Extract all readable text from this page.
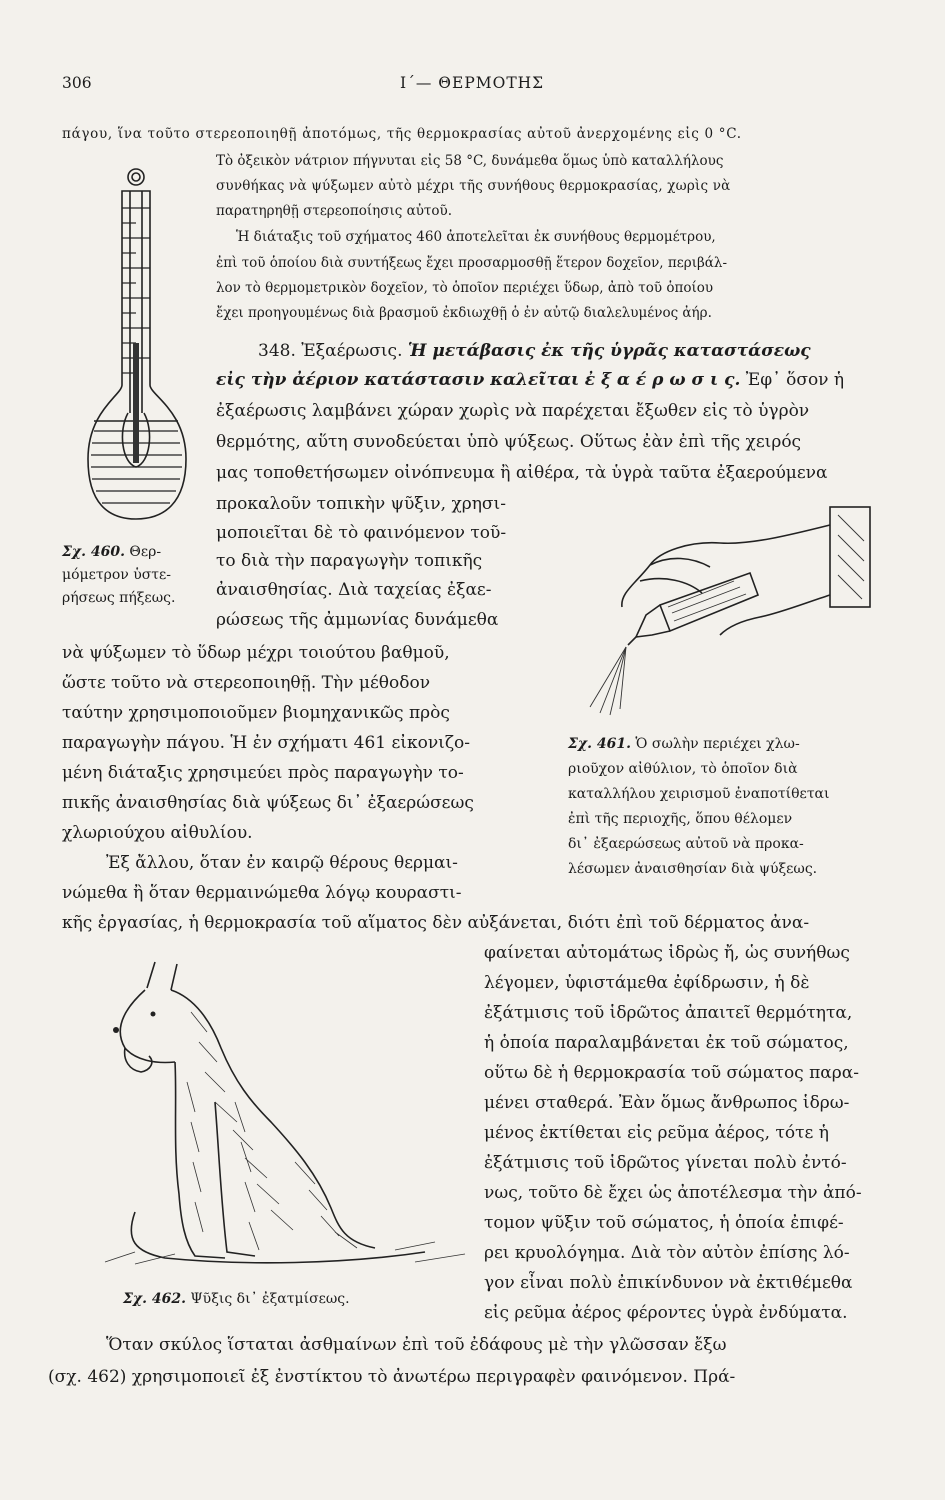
306	Ι΄— ΘΕΡΜΟΤΗΣ
πάγου, ἵνα τοῦτο στερεοποιηθῇ ἀποτόμως, τῆς θερμοκρασίας αὐτοῦ ἀνερχομένης εἰς 0 °C.
Τὸ ὀξεικὸν νάτριον πήγνυται εἰς 58 °C, δυνάμεθα ὅμως ὑπὸ καταλλήλους
συνθήκας νὰ ψύξωμεν αὐτὸ μέχρι τῆς συνήθους θερμοκρασίας, χωρὶς νὰ
παρατηρηθῇ στερεοποίησις αὐτοῦ.
Ἡ διάταξις τοῦ σχήματος 460 ἀποτελεῖται ἐκ συνήθους θερμομέτρου,
ἐπὶ τοῦ ὁποίου διὰ συντήξεως ἔχει προσαρμοσθῇ ἕτερον δοχεῖον, περιβάλ-
λον τὸ θερμομετρικὸν δοχεῖον, τὸ ὁποῖον περιέχει ὕδωρ, ἀπὸ τοῦ ὁποίου
ἔχει προηγουμένως διὰ βρασμοῦ ἐκδιωχθῇ ὁ ἐν αὐτῷ διαλελυμένος ἀήρ.
348. Ἐξαέρωσις. Ἡ μετάβασις ἐκ τῆς ὑγρᾶς καταστάσεως
εἰς τὴν ἀέριον κατάστασιν καλεῖται ἐ ξ α έ ρ ω σ ι ς. Ἐφ᾿ ὅσον ἡ
ἐξαέρωσις λαμβάνει χώραν χωρὶς νὰ παρέχεται ἔξωθεν εἰς τὸ ὑγρὸν
θερμότης, αὕτη συνοδεύεται ὑπὸ ψύξεως. Οὕτως ἐὰν ἐπὶ τῆς χειρός
μας τοποθετήσωμεν οἰνόπνευμα ἢ αἰθέρα, τὰ ὑγρὰ ταῦτα ἐξαερούμενα
προκαλοῦν τοπικὴν ψῦξιν, χρησι-
μοποιεῖται δὲ τὸ φαινόμενον τοῦ-
το διὰ τὴν παραγωγὴν τοπικῆς
ἀναισθησίας. Διὰ ταχείας ἐξαε-
ρώσεως τῆς ἀμμωνίας δυνάμεθα
νὰ ψύξωμεν τὸ ὕδωρ μέχρι τοιούτου βαθμοῦ,
ὥστε τοῦτο νὰ στερεοποιηθῇ. Τὴν μέθοδον
ταύτην χρησιμοποιοῦμεν βιομηχανικῶς πρὸς
παραγωγὴν πάγου. Ἡ ἐν σχήματι 461 εἰκονιζο-
μένη διάταξις χρησιμεύει πρὸς παραγωγὴν το-
πικῆς ἀναισθησίας διὰ ψύξεως δι᾿ ἐξαερώσεως
χλωριούχου αἰθυλίου.
Ἐξ ἄλλου, ὅταν ἐν καιρῷ θέρους θερμαι-
νώμεθα ἢ ὅταν θερμαινώμεθα λόγῳ κουραστι-
κῆς ἐργασίας, ἡ θερμοκρασία τοῦ αἵματος δὲν αὐξάνεται, διότι ἐπὶ τοῦ δέρματος ἀνα-
φαίνεται αὐτομάτως ἱδρὼς ἤ, ὡς συνήθως
λέγομεν, ὑφιστάμεθα ἐφίδρωσιν, ἡ δὲ
ἐξάτμισις τοῦ ἱδρῶτος ἀπαιτεῖ θερμότητα,
ἡ ὁποία παραλαμβάνεται ἐκ τοῦ σώματος,
οὕτω δὲ ἡ θερμοκρασία τοῦ σώματος παρα-
μένει σταθερά. Ἐὰν ὅμως ἄνθρωπος ἱδρω-
μένος ἐκτίθεται εἰς ρεῦμα ἀέρος, τότε ἡ
ἐξάτμισις τοῦ ἱδρῶτος γίνεται πολὺ ἐντό-
νως, τοῦτο δὲ ἔχει ὡς ἀποτέλεσμα τὴν ἀπό-
τομον ψῦξιν τοῦ σώματος, ἡ ὁποία ἐπιφέ-
ρει κρυολόγημα. Διὰ τὸν αὐτὸν ἐπίσης λό-
γον εἶναι πολὺ ἐπικίνδυνον νὰ ἐκτιθέμεθα
εἰς ρεῦμα ἀέρος φέροντες ὑγρὰ ἐνδύματα.
Ὅταν σκύλος ἵσταται ἀσθμαίνων ἐπὶ τοῦ ἐδάφους μὲ τὴν γλῶσσαν ἔξω
(σχ. 462) χρησιμοποιεῖ ἐξ ἐνστίκτου τὸ ἀνωτέρω περιγραφὲν φαινόμενον. Πρά-
Σχ. 460. Θερ-
μόμετρον ὑστε-
ρήσεως πήξεως.
Σχ. 461. Ὁ σωλὴν περιέχει χλω-
ριοῦχον αἰθύλιον, τὸ ὁποῖον διὰ
καταλλήλου χειρισμοῦ ἐναποτίθεται
ἐπὶ τῆς περιοχῆς, ὅπου θέλομεν
δι᾿ ἐξαερώσεως αὐτοῦ νὰ προκα-
λέσωμεν ἀναισθησίαν διὰ ψύξεως.
Σχ. 462. Ψῦξις δι᾿ ἐξατμίσεως.
